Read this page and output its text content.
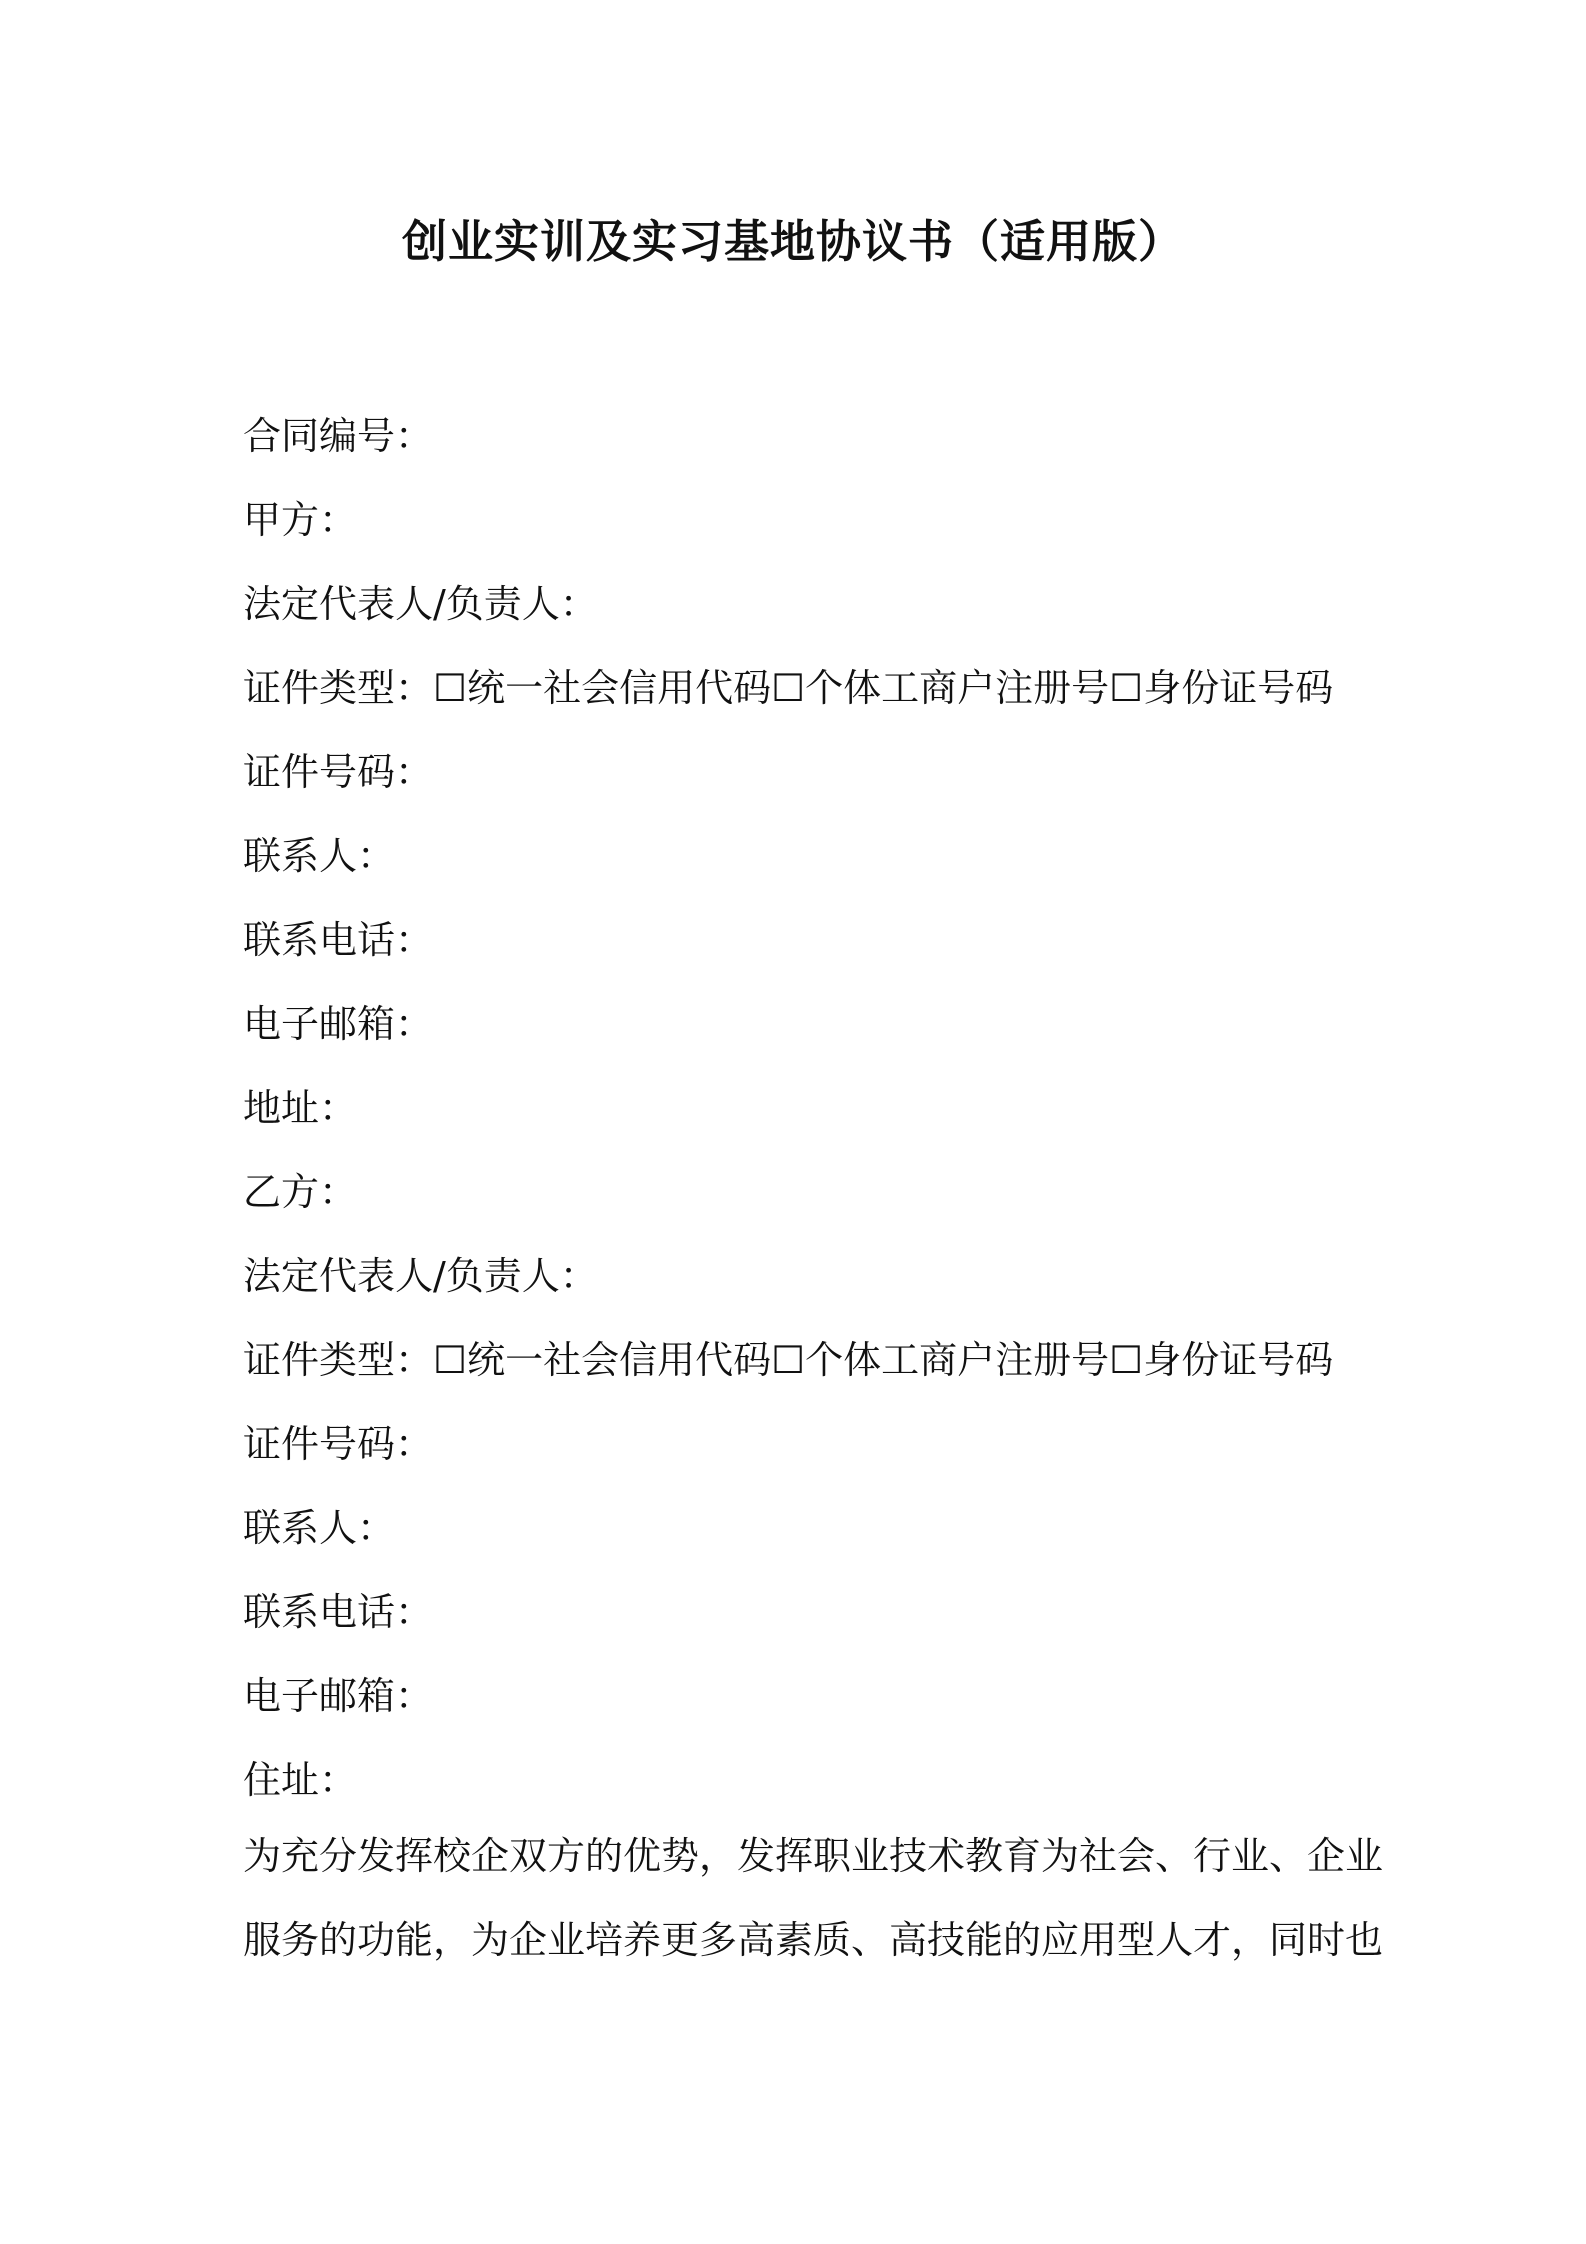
创业实训及实习基地协议书（适用版）
合同编号：
甲方：
法定代表人/负责人：
证件类型：☐统一社会信用代码☐个体工商户注册号☐身份证号码
证件号码：
联系人：
联系电话：
电子邮箱：
地址：
乙方：
法定代表人/负责人：
证件类型：☐统一社会信用代码☐个体工商户注册号☐身份证号码
证件号码：
联系人：
联系电话：
电子邮箱：
住址：

为充分发挥校企双方的优势，发挥职业技术教育为社会、行业、企业
服务的功能，为企业培养更多高素质、高技能的应用型人才，同时也
